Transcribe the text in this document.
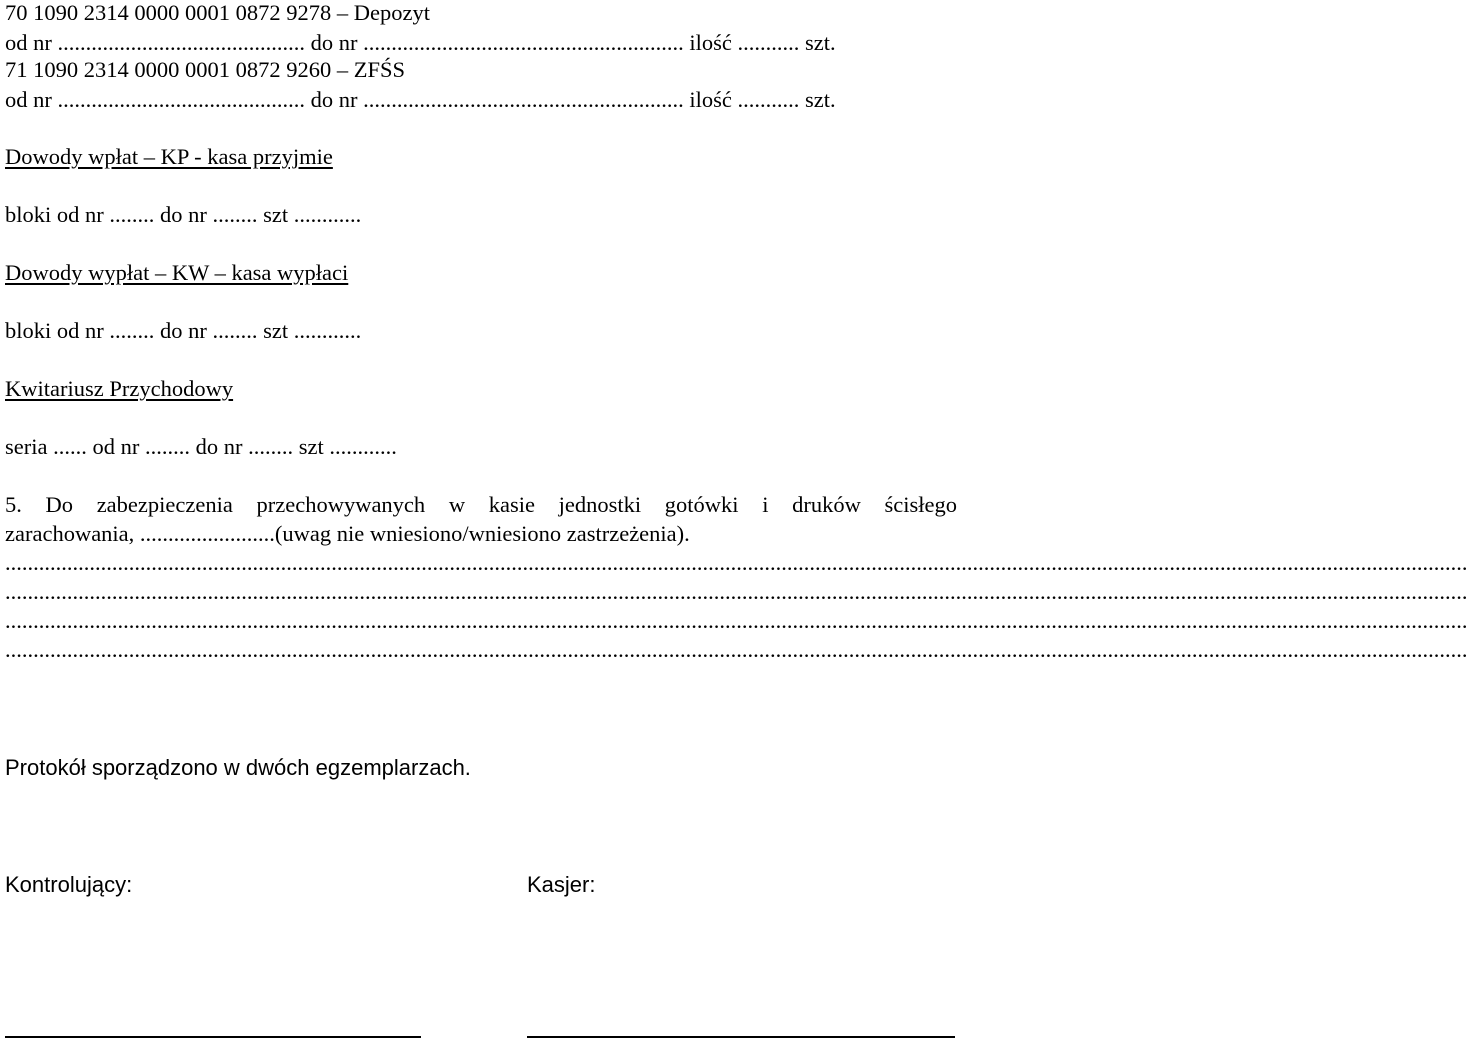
70 1090 2314 0000 0001 0872 9278 – Depozyt
od nr ............................................ do nr ......................................................... ilość ........... szt.
71 1090 2314 0000 0001 0872 9260 – ZFŚS
od nr ............................................ do nr ......................................................... ilość ........... szt.
Dowody wpłat – KP - kasa przyjmie
bloki od nr ........ do nr ........ szt ............
Dowody wypłat – KW – kasa wypłaci
bloki od nr ........ do nr ........ szt ............
Kwitariusz Przychodowy
seria ...... od nr ........ do nr ........ szt ............
5. Do zabezpieczenia przechowywanych w kasie jednostki gotówki i druków ścisłego
zarachowania, ........................(uwag nie wniesiono/wniesiono zastrzeżenia).
....................................................................................................................................................................................................................................................................
....................................................................................................................................................................................................................................................................
....................................................................................................................................................................................................................................................................
....................................................................................................................................................................................................................................................................
Protokół sporządzono w dwóch egzemplarzach.
Kontrolujący:	Kasjer:
